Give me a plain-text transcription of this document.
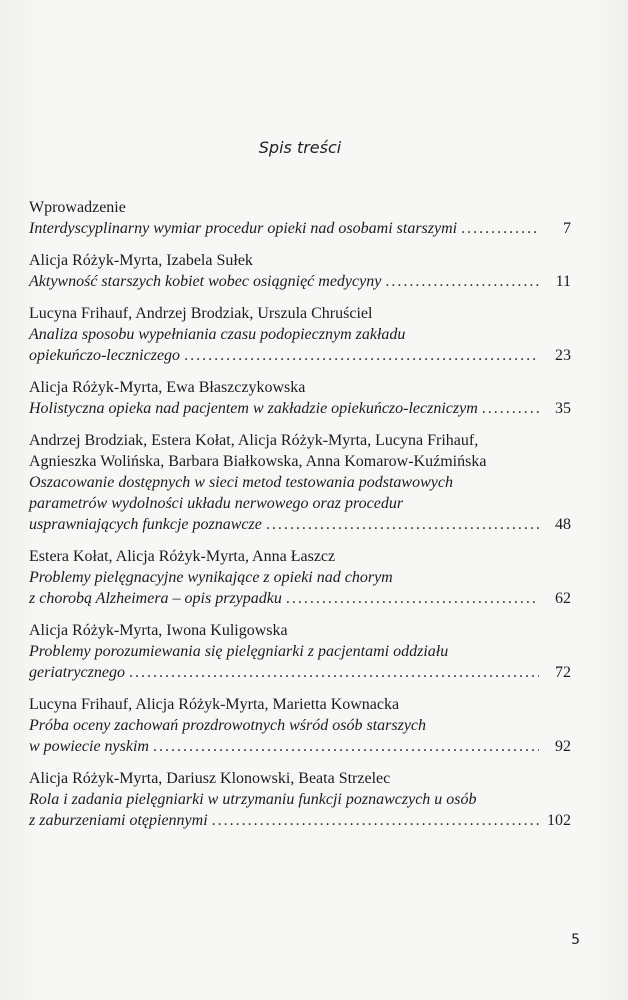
Spis treści
Wprowadzenie
Interdyscyplinarny wymiar procedur opieki nad osobami starszymi . . .	7
Alicja Różyk-Myrta, Izabela Sułek
Aktywność starszych kobiet wobec osiągnięć medycyny . . .	11
Lucyna Frihauf, Andrzej Brodziak, Urszula Chruściel
Analiza sposobu wypełniania czasu podopiecznym zakładu
opiekuńczo-leczniczego . . .	23
Alicja Różyk-Myrta, Ewa Błaszczykowska
Holistyczna opieka nad pacjentem w zakładzie opiekuńczo-leczniczym . . .	35
Andrzej Brodziak, Estera Kołat, Alicja Różyk-Myrta, Lucyna Frihauf,
Agnieszka Wolińska, Barbara Białkowska, Anna Komarow-Kuźmińska
Oszacowanie dostępnych w sieci metod testowania podstawowych
parametrów wydolności układu nerwowego oraz procedur
usprawniających funkcje poznawcze . . .	48
Estera Kołat, Alicja Różyk-Myrta, Anna Łaszcz
Problemy pielęgnacyjne wynikające z opieki nad chorym
z chorobą Alzheimera – opis przypadku . . .	62
Alicja Różyk-Myrta, Iwona Kuligowska
Problemy porozumiewania się pielęgniarki z pacjentami oddziału
geriatrycznego . . .	72
Lucyna Frihauf, Alicja Różyk-Myrta, Marietta Kownacka
Próba oceny zachowań prozdrowotnych wśród osób starszych
w powiecie nyskim . . .	92
Alicja Różyk-Myrta, Dariusz Klonowski, Beata Strzelec
Rola i zadania pielęgniarki w utrzymaniu funkcji poznawczych u osób
z zaburzeniami otępiennymi . . .	102
5
